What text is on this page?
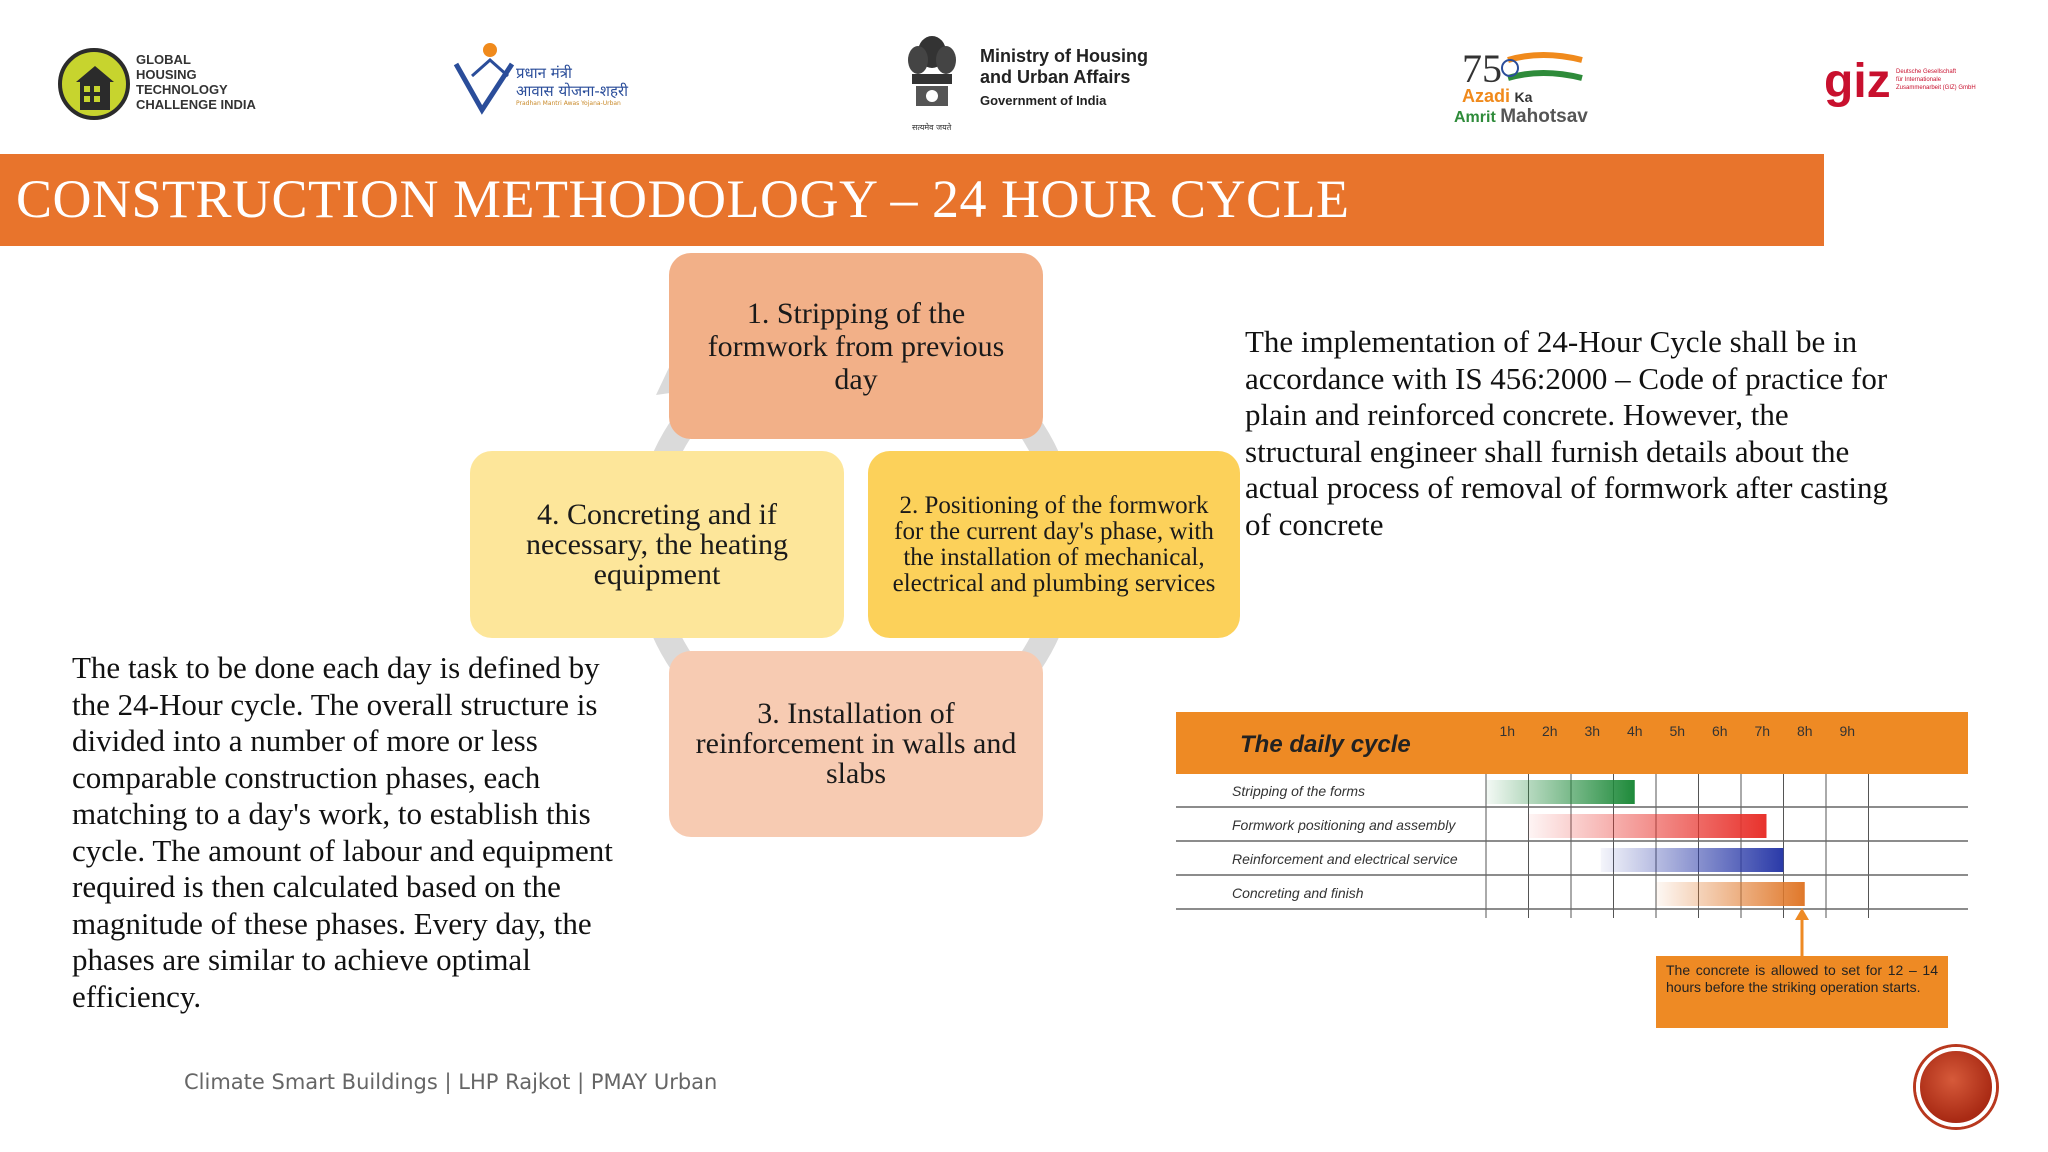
GLOBAL
HOUSING
TECHNOLOGY
CHALLENGE INDIA
प्रधान मंत्री
आवास योजना-शहरी
Pradhan Mantri Awas Yojana-Urban
सत्यमेव जयते
Ministry of Housing
and Urban Affairs
Government of India
75
Azadi Ka
Amrit Mahotsav
giz Deutsche Gesellschaft
für Internationale
Zusammenarbeit (GIZ) GmbH
CONSTRUCTION METHODOLOGY – 24 HOUR CYCLE
1. Stripping of the formwork from previous day
4. Concreting and if necessary, the heating equipment
2. Positioning of the formwork for the current day's phase, with the installation of mechanical, electrical and plumbing services
3. Installation of reinforcement in walls and slabs
The implementation of 24-Hour Cycle shall be in accordance with IS 456:2000 – Code of practice for plain and reinforced concrete. However, the structural engineer shall furnish details about the actual process of removal of formwork after casting of concrete
The task to be done each day is defined by the 24-Hour cycle. The overall structure is divided into a number of more or less comparable construction phases, each matching to a day's work, to establish this cycle. The amount of labour and equipment required is then calculated based on the magnitude of these phases. Every day, the phases are similar to achieve optimal efficiency.
Stripping of the forms
Formwork positioning and assembly
Reinforcement and electrical service
Concreting and finish
1h 2h 3h 4h 5h 6h 7h 8h 9h
The daily cycle
The concrete is allowed to set for 12 – 14 hours before the striking operation starts.
Climate Smart Buildings | LHP Rajkot | PMAY Urban
